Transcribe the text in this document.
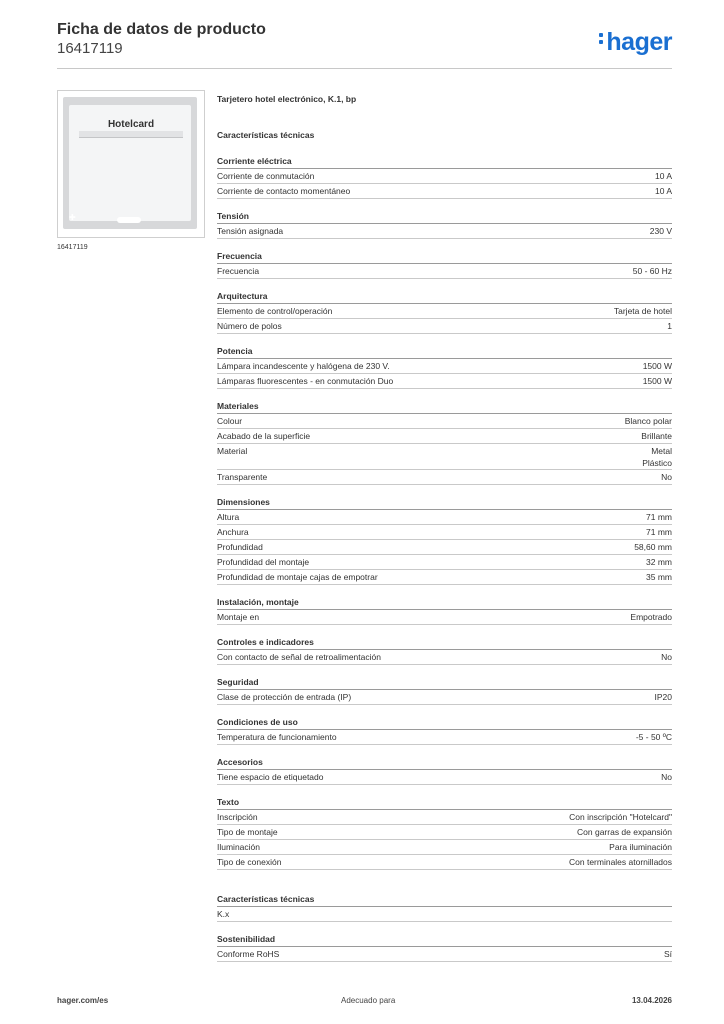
Ficha de datos de producto
16417119	hager
Hotelcard
✚
16417119
Tarjetero hotel electrónico, K.1, bp
Características técnicas
Corriente eléctrica
Corriente de conmutación	10 A
Corriente de contacto momentáneo	10 A
Tensión
Tensión asignada	230 V
Frecuencia
Frecuencia	50 - 60 Hz
Arquitectura
Elemento de control/operación	Tarjeta de hotel
Número de polos	1
Potencia
Lámpara incandescente y halógena de 230 V.	1500 W
Lámparas fluorescentes - en conmutación Duo	1500 W
Materiales
Colour	Blanco polar
Acabado de la superficie	Brillante
Material	Metal
Plástico
Transparente	No
Dimensiones
Altura	71 mm
Anchura	71 mm
Profundidad	58,60 mm
Profundidad del montaje	32 mm
Profundidad de montaje cajas de empotrar	35 mm
Instalación, montaje
Montaje en	Empotrado
Controles e indicadores
Con contacto de señal de retroalimentación	No
Seguridad
Clase de protección de entrada (IP)	IP20
Condiciones de uso
Temperatura de funcionamiento	-5 - 50 ºC
Accesorios
Tiene espacio de etiquetado	No
Texto
Inscripción	Con inscripción "Hotelcard"
Tipo de montaje	Con garras de expansión
Iluminación	Para iluminación
Tipo de conexión	Con terminales atornillados
Características técnicas
K.x
Sostenibilidad
Conforme RoHS	Sí
hager.com/es	Adecuado para	13.04.2026
